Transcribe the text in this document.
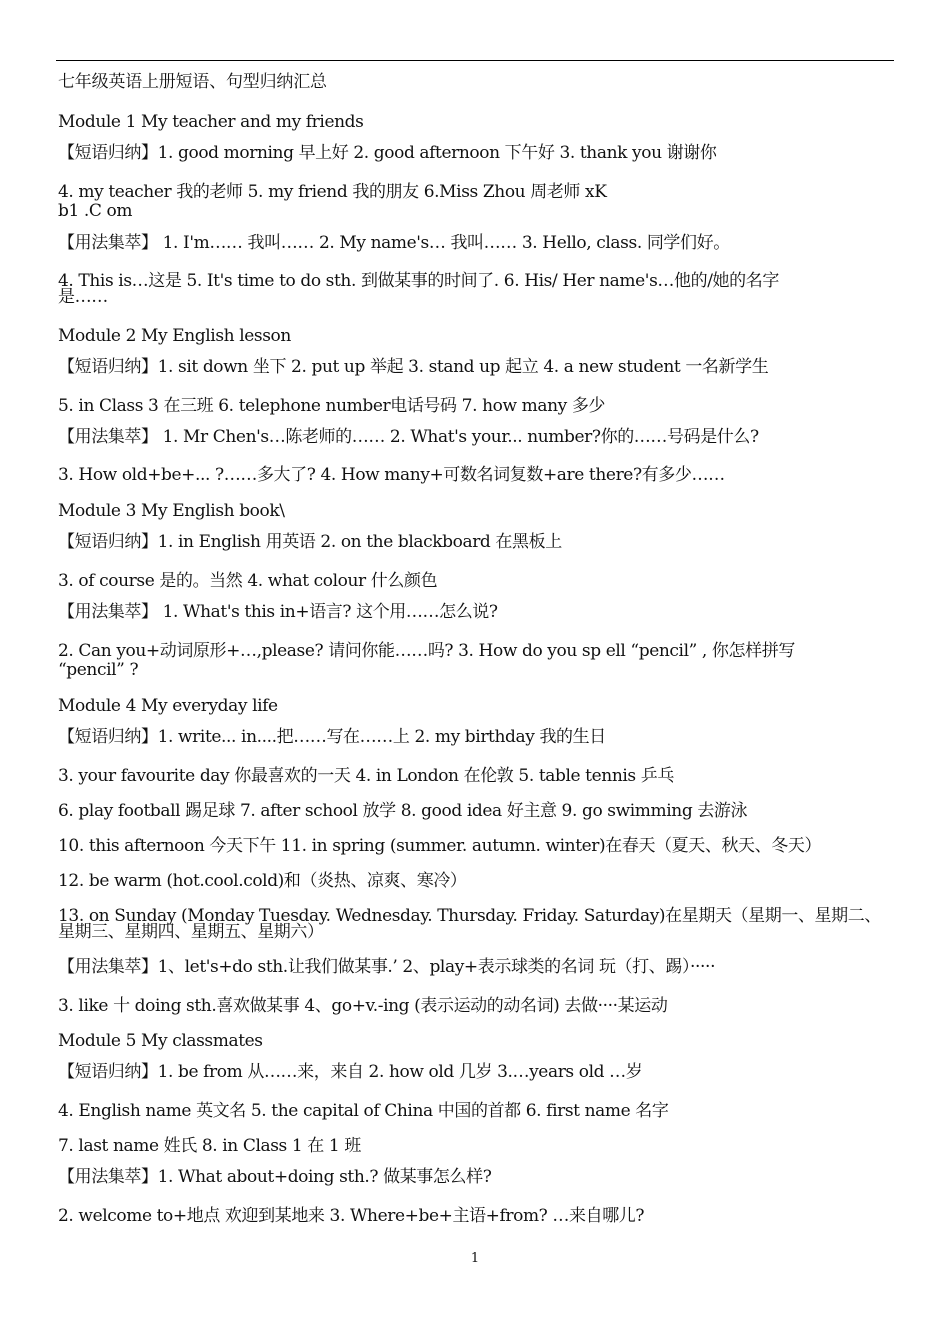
七年级英语上册短语、句型归纳汇总
Module 1 My teacher and my friends
【短语归纳】1. good morning 早上好 2. good afternoon 下午好 3. thank you 谢谢你
4. my teacher 我的老师 5. my friend 我的朋友 6.Miss Zhou 周老师 xK
b1 .C om
【用法集萃】 1. I'm…… 我叫…… 2. My name's… 我叫…… 3. Hello, class. 同学们好。
4. This is…这是 5. It's time to do sth. 到做某事的时间了. 6. His/ Her name's…他的/她的名字
是……
Module 2 My English lesson
【短语归纳】1. sit down 坐下 2. put up 举起 3. stand up 起立 4. a new student 一名新学生
5. in Class 3 在三班 6. telephone number电话号码 7. how many 多少
【用法集萃】 1. Mr Chen's…陈老师的…… 2. What's your... number?你的……号码是什么?
3. How old+be+... ?……多大了? 4. How many+可数名词复数+are there?有多少……
Module 3 My English book\
【短语归纳】1. in English 用英语 2. on the blackboard 在黑板上
3. of course 是的。当然 4. what colour 什么颜色
【用法集萃】 1. What's this in+语言? 这个用……怎么说?
2. Can you+动词原形+…,please? 请问你能……吗? 3. How do you sp ell “pencil” , 你怎样拼写
“pencil” ?
Module 4 My everyday life
【短语归纳】1. write... in....把……写在……上 2. my birthday 我的生日
3. your favourite day 你最喜欢的一天 4. in London 在伦敦 5. table tennis 乒乓
6. play football 踢足球 7. after school 放学 8. good idea 好主意 9. go swimming 去游泳
10. this afternoon 今天下午 11. in spring (summer. autumn. winter)在春天（夏天、秋天、冬天）
12. be warm (hot.cool.cold)和（炎热、凉爽、寒冷）
13. on Sunday (Monday Tuesday. Wednesday. Thursday. Friday. Saturday)在星期天（星期一、星期二、
星期三、星期四、星期五、星期六）
【用法集萃】1、let's+do sth.让我们做某事.’ 2、play+表示球类的名词 玩（打、踢）·····
3. like 十 doing sth.喜欢做某事 4、go+v.-ing (表示运动的动名词) 去做····某运动
Module 5 My classmates
【短语归纳】1. be from 从……来，来自 2. how old 几岁 3.…years old …岁
4. English name 英文名 5. the capital of China 中国的首都 6. first name 名字
7. last name 姓氏 8. in Class 1 在 1 班
【用法集萃】1. What about+doing sth.? 做某事怎么样?
2. welcome to+地点 欢迎到某地来 3. Where+be+主语+from? …来自哪儿?
1
